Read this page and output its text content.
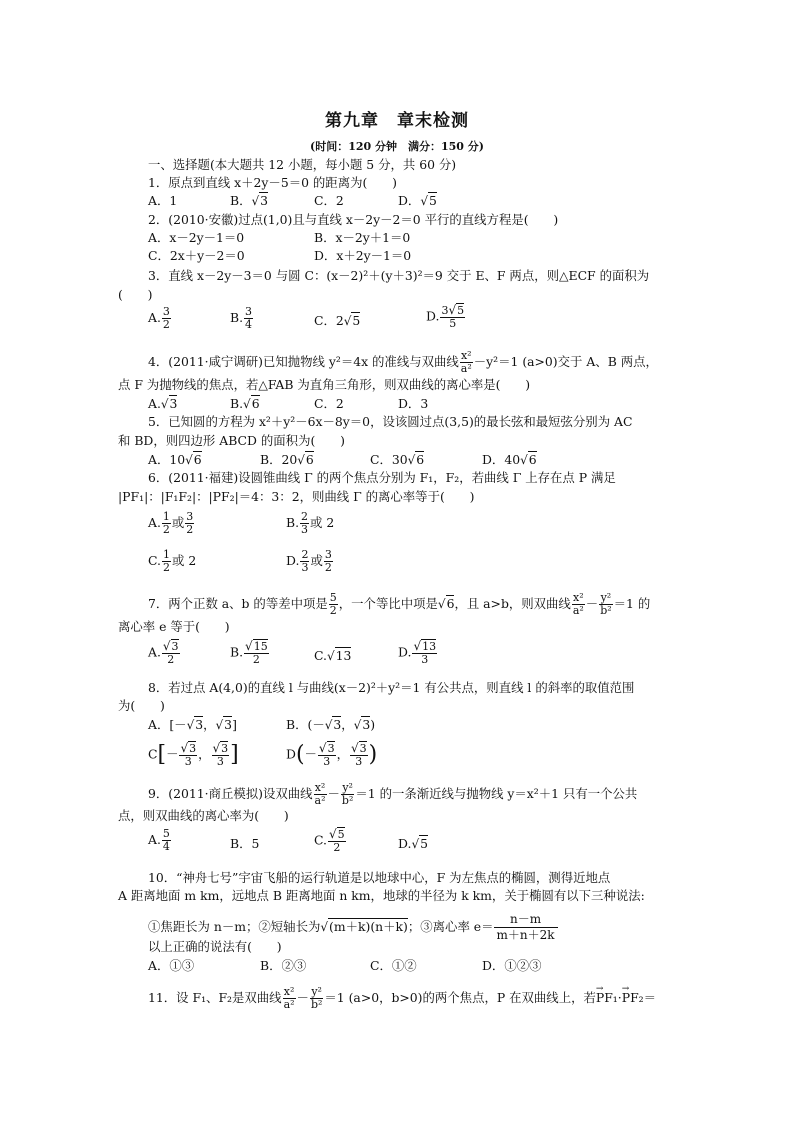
第九章　章末检测
(时间：120 分钟　满分：150 分)
一、选择题(本大题共 12 小题，每小题 5 分，共 60 分)
1．原点到直线 x＋2y－5＝0 的距离为(　　)
A．1	B．√3	C．2	D．√5
2．(2010·安徽)过点(1,0)且与直线 x－2y－2＝0 平行的直线方程是(　　)
A．x－2y－1＝0	B．x－2y＋1＝0
C．2x＋y－2＝0	D．x＋2y－1＝0
3．直线 x－2y－3＝0 与圆 C：(x－2)²＋(y＋3)²＝9 交于 E、F 两点，则△ECF 的面积为
(　　)
A. $\frac{3}{2}$	B. $\frac{3}{4}$	C．2√5	D. $\frac{3√5}{5}$
4．(2011·咸宁调研)已知抛物线 y²＝4x 的准线与双曲线 $\frac{\text{x²}}{\text{a²}} -y^2=1$ (a>0)交于 A、B 两点，
点 F 为抛物线的焦点，若△FAB 为直角三角形，则双曲线的离心率是(　　)
A.√3	B.√6	C．2	D．3
5．已知圆的方程为 x²＋y²－6x－8y＝0，设该圆过点(3,5)的最长弦和最短弦分别为 AC
和 BD，则四边形 ABCD 的面积为(　　)
A．10√6	B．20√6	C．30√6	D．40√6
6．(2011·福建)设圆锥曲线 Γ 的两个焦点分别为 F₁，F₂，若曲线 Γ 上存在点 P 满足
|PF₁|：|F₁F₂|：|PF₂|＝4：3：2，则曲线 Γ 的离心率等于(　　)
A. $\frac{1}{2}$ 或 $\frac{3}{2}$	B. $\frac{2}{3}$ 或 2
C. $\frac{1}{2}$ 或 2	D. $\frac{2}{3}$ 或 $\frac{3}{2}$
7．两个正数 a、b 的等差中项是 $\frac{5}{2}$ ，一个等比中项是√6，且 a>b，则双曲线 $\frac{\text{x²}}{\text{a²}} - \frac{\text{y²}}{\text{b²}} =1$ 的
离心率 e 等于(　　)
A. $\frac{√3}{2}$	B. $\frac{√15}{2}$	C.√13	D. $\frac{√13}{3}$
8．若过点 A(4,0)的直线 l 与曲线(x－2)²＋y²＝1 有公共点，则直线 l 的斜率的取值范围
为(　　)
A．[－√3，√3]	B．(－√3，√3)
$C[- \frac{√3}{3}$ ， $\frac{√3}{3}$ ]	$D(- \frac{√3}{3}$ ， $\frac{√3}{3}$ )
9．(2011·商丘模拟)设双曲线 $\frac{\text{x²}}{\text{a²}} - \frac{\text{y²}}{\text{b²}} =1$ 的一条渐近线与抛物线 y＝x²＋1 只有一个公共
点，则双曲线的离心率为(　　)
A. $\frac{5}{4}$	B．5	C. $\frac{√5}{2}$	D.√5
10．“神舟七号”宇宙飞船的运行轨道是以地球中心，F 为左焦点的椭圆，测得近地点
A 距离地面 m km，远地点 B 距离地面 n km，地球的半径为 k km，关于椭圆有以下三种说法:
①焦距长为 n－m；②短轴长为√(m＋k)(n＋k)；③离心率 $e= \frac{n-m}{m+n+2k}$
以上正确的说法有(　　)
A．①③	B．②③	C．①②	D．①②③
11．设 F₁、F₂是双曲线 $\frac{\text{x²}}{\text{a²}} - \frac{\text{y²}}{\text{b²}} =1$ (a>0，b>0)的两个焦点，P 在双曲线上，若→ PF₁·→ PF₂＝
